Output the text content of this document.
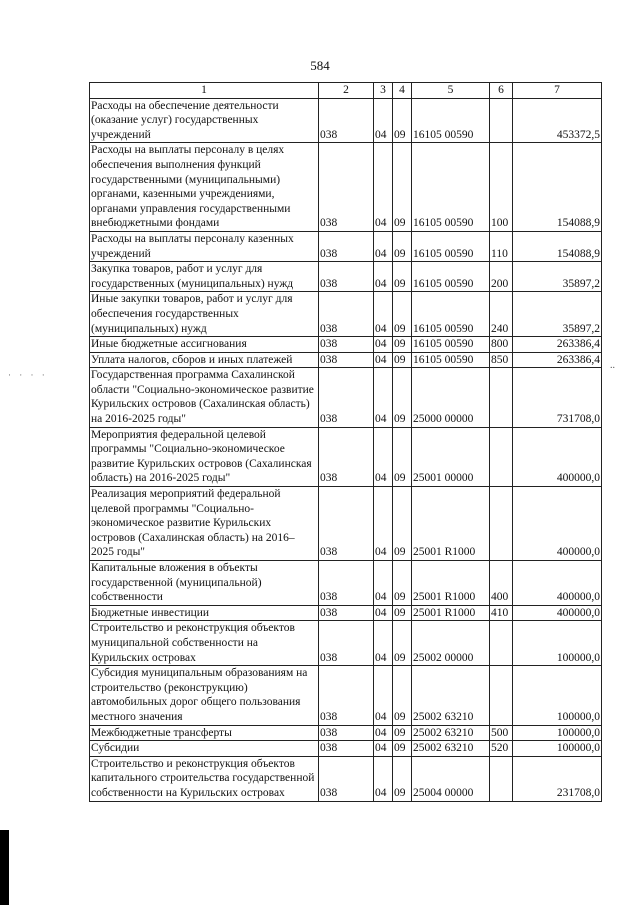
584
· · · ·
..
1	2	3	4	5	6	7
Расходы на обеспечение деятельности (оказание услуг) государственных учреждений	038	04	09	16105 00590		453372,5
Расходы на выплаты персоналу в целях обеспечения выполнения функций государственными (муниципальными) органами, казенными учреждениями, органами управления государственными внебюджетными фондами	038	04	09	16105 00590	100	154088,9
Расходы на выплаты персоналу казенных учреждений	038	04	09	16105 00590	110	154088,9
Закупка товаров, работ и услуг для государственных (муниципальных) нужд	038	04	09	16105 00590	200	35897,2
Иные закупки товаров, работ и услуг для обеспечения государственных (муниципальных) нужд	038	04	09	16105 00590	240	35897,2
Иные бюджетные ассигнования	038	04	09	16105 00590	800	263386,4
Уплата налогов, сборов и иных платежей	038	04	09	16105 00590	850	263386,4
Государственная программа Сахалинской области "Социально-экономическое развитие Курильских островов (Сахалинская область) на 2016-2025 годы"	038	04	09	25000 00000		731708,0
Мероприятия федеральной целевой программы "Социально-экономическое развитие Курильских островов (Сахалинская область) на 2016-2025 годы"	038	04	09	25001 00000		400000,0
Реализация мероприятий федеральной целевой программы "Социально-экономическое развитие Курильских островов (Сахалинская область) на 2016–2025 годы"	038	04	09	25001 R1000		400000,0
Капитальные вложения в объекты государственной (муниципальной) собственности	038	04	09	25001 R1000	400	400000,0
Бюджетные инвестиции	038	04	09	25001 R1000	410	400000,0
Строительство и реконструкция объектов муниципальной собственности на Курильских островах	038	04	09	25002 00000		100000,0
Субсидия муниципальным образованиям на строительство (реконструкцию) автомобильных дорог общего пользования местного значения	038	04	09	25002 63210		100000,0
Межбюджетные трансферты	038	04	09	25002 63210	500	100000,0
Субсидии	038	04	09	25002 63210	520	100000,0
Строительство и реконструкция объектов капитального строительства государственной собственности на Курильских островах	038	04	09	25004 00000		231708,0
